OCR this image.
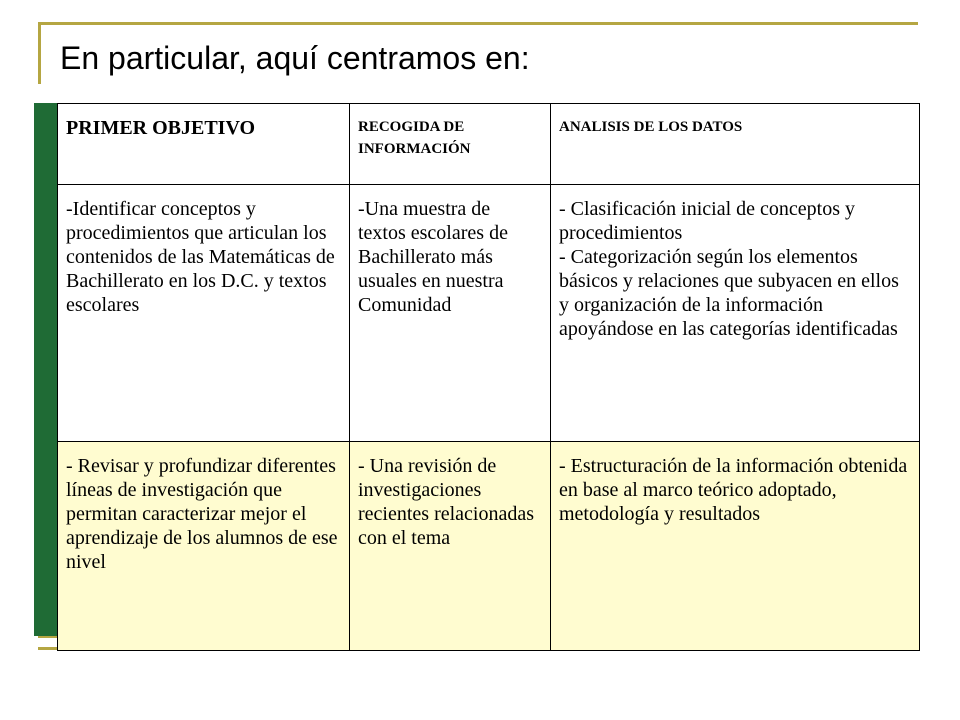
En particular, aquí centramos en:
PRIMER OBJETIVO	RECOGIDA DE INFORMACIÓN	ANALISIS DE LOS DATOS
-Identificar conceptos y procedimientos que articulan los contenidos de las Matemáticas de Bachillerato en los D.C. y textos escolares	-Una muestra de textos escolares de Bachillerato más usuales en nuestra Comunidad	- Clasificación inicial de conceptos y procedimientos
- Categorización según los elementos básicos y relaciones que subyacen en ellos y organización de la información apoyándose en las categorías identificadas
- Revisar y profundizar diferentes líneas de investigación que permitan caracterizar mejor el aprendizaje de los alumnos de ese nivel	- Una revisión de investigaciones recientes relacionadas con el tema	- Estructuración de la información obtenida en base al marco teórico adoptado, metodología y resultados
